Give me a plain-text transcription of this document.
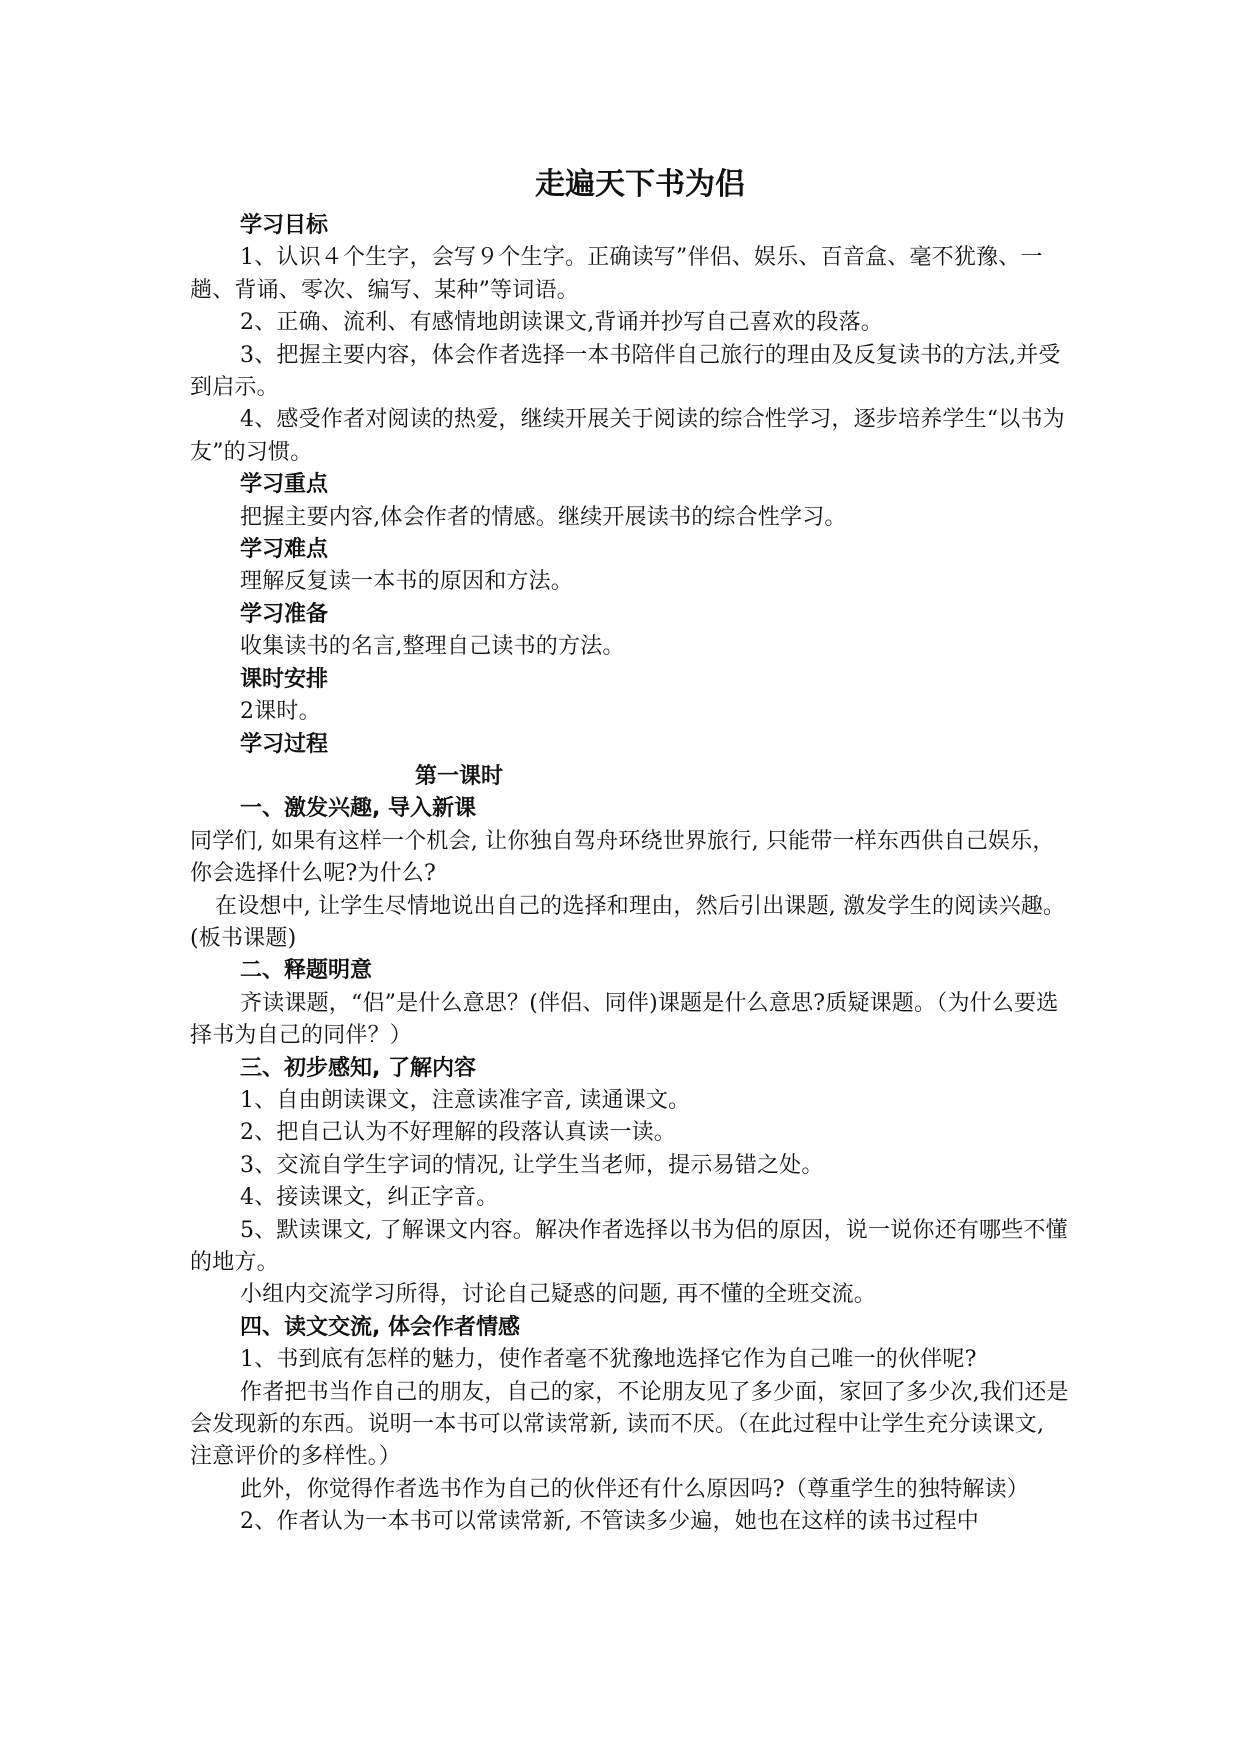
走遍天下书为侣

学习目标

1、认识４个生字，会写９个生字。正确读写”伴侣、娱乐、百音盒、毫不犹豫、一趟、背诵、零次、编写、某种”等词语。

2、正确、流利、有感情地朗读课文,背诵并抄写自己喜欢的段落。

3、把握主要内容，体会作者选择一本书陪伴自己旅行的理由及反复读书的方法,并受到启示。

4、感受作者对阅读的热爱，继续开展关于阅读的综合性学习，逐步培养学生“以书为友”的习惯。

学习重点

把握主要内容,体会作者的情感。继续开展读书的综合性学习。

学习难点

理解反复读一本书的原因和方法。

学习准备

收集读书的名言,整理自己读书的方法。

课时安排

2课时。

学习过程

第一课时

一、激发兴趣, 导入新课

同学们, 如果有这样一个机会, 让你独自驾舟环绕世界旅行, 只能带一样东西供自己娱乐，你会选择什么呢?为什么?

在设想中, 让学生尽情地说出自己的选择和理由，然后引出课题, 激发学生的阅读兴趣。(板书课题)

二、释题明意

齐读课题，“侣”是什么意思？(伴侣、同伴)课题是什么意思?质疑课题。（为什么要选择书为自己的同伴？）

三、初步感知, 了解内容

1、自由朗读课文，注意读准字音, 读通课文。

2、把自己认为不好理解的段落认真读一读。

3、交流自学生字词的情况, 让学生当老师，提示易错之处。

4、接读课文，纠正字音。

5、默读课文, 了解课文内容。解决作者选择以书为侣的原因，说一说你还有哪些不懂的地方。

小组内交流学习所得，讨论自己疑惑的问题, 再不懂的全班交流。

四、读文交流, 体会作者情感

1、书到底有怎样的魅力，使作者毫不犹豫地选择它作为自己唯一的伙伴呢?

作者把书当作自己的朋友，自己的家，不论朋友见了多少面，家回了多少次,我们还是会发现新的东西。说明一本书可以常读常新, 读而不厌。（在此过程中让学生充分读课文, 注意评价的多样性。）

此外，你觉得作者选书作为自己的伙伴还有什么原因吗?（尊重学生的独特解读）

2、作者认为一本书可以常读常新, 不管读多少遍，她也在这样的读书过程中
